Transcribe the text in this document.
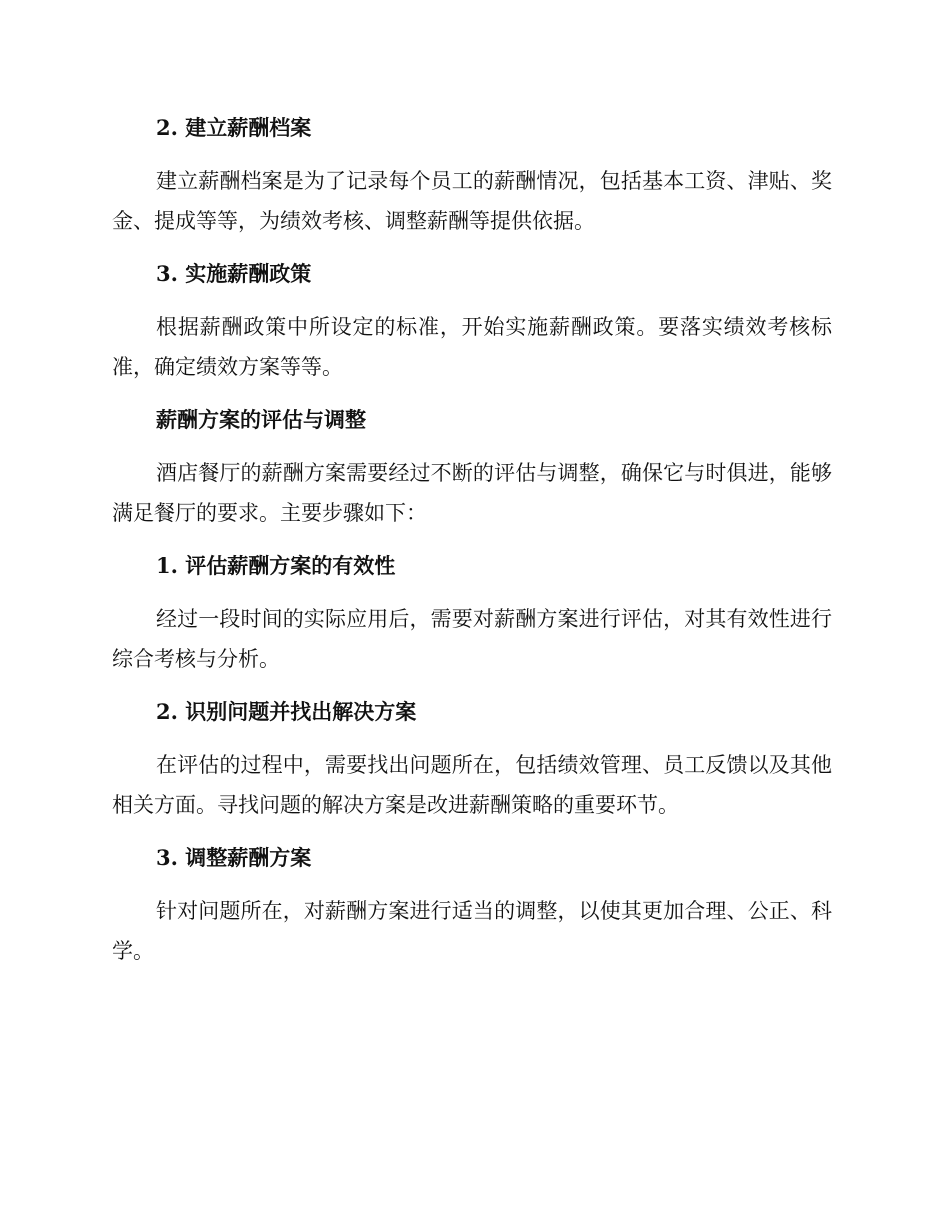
2. 建立薪酬档案

建立薪酬档案是为了记录每个员工的薪酬情况，包括基本工资、津贴、奖金、提成等等，为绩效考核、调整薪酬等提供依据。

3. 实施薪酬政策

根据薪酬政策中所设定的标准，开始实施薪酬政策。要落实绩效考核标准，确定绩效方案等等。

薪酬方案的评估与调整

酒店餐厅的薪酬方案需要经过不断的评估与调整，确保它与时俱进，能够满足餐厅的要求。主要步骤如下：

1. 评估薪酬方案的有效性

经过一段时间的实际应用后，需要对薪酬方案进行评估，对其有效性进行综合考核与分析。

2. 识别问题并找出解决方案

在评估的过程中，需要找出问题所在，包括绩效管理、员工反馈以及其他相关方面。寻找问题的解决方案是改进薪酬策略的重要环节。

3. 调整薪酬方案

针对问题所在，对薪酬方案进行适当的调整，以使其更加合理、公正、科学。
